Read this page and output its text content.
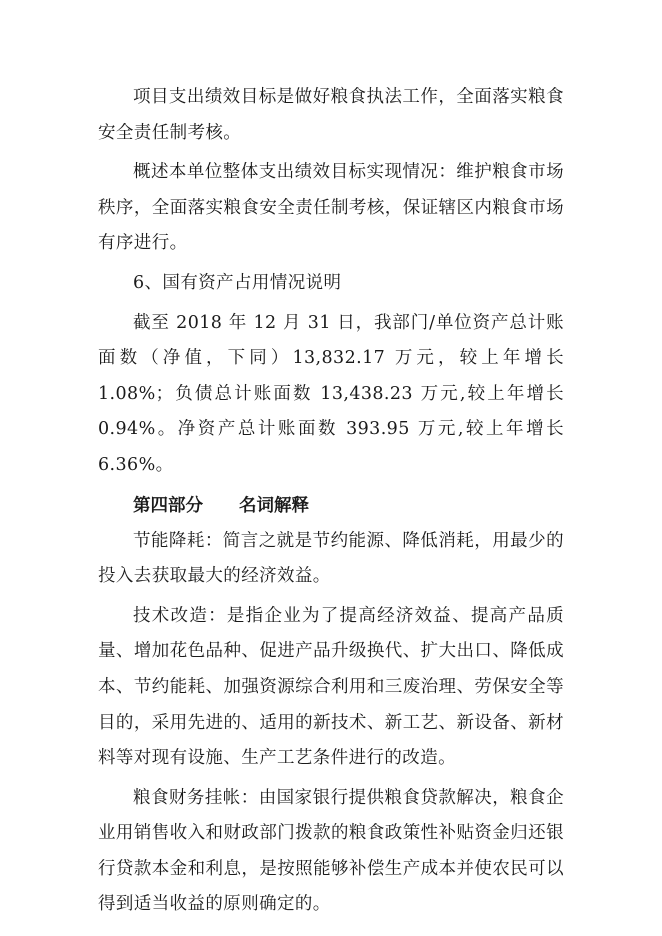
项目支出绩效目标是做好粮食执法工作，全面落实粮食安全责任制考核。

概述本单位整体支出绩效目标实现情况：维护粮食市场秩序，全面落实粮食安全责任制考核，保证辖区内粮食市场有序进行。

6、国有资产占用情况说明

截至 2018 年 12 月 31 日，我部门/单位资产总计账面数（净值，下同）13,832.17 万元，较上年增长 1.08%；负债总计账面数 13,438.23 万元,较上年增长 0.94%。净资产总计账面数 393.95 万元,较上年增长 6.36%。

第四部分 名词解释

节能降耗：简言之就是节约能源、降低消耗，用最少的投入去获取最大的经济效益。

技术改造：是指企业为了提高经济效益、提高产品质量、增加花色品种、促进产品升级换代、扩大出口、降低成本、节约能耗、加强资源综合利用和三废治理、劳保安全等目的，采用先进的、适用的新技术、新工艺、新设备、新材料等对现有设施、生产工艺条件进行的改造。

粮食财务挂帐：由国家银行提供粮食贷款解决，粮食企业用销售收入和财政部门拨款的粮食政策性补贴资金归还银行贷款本金和利息，是按照能够补偿生产成本并使农民可以得到适当收益的原则确定的。
